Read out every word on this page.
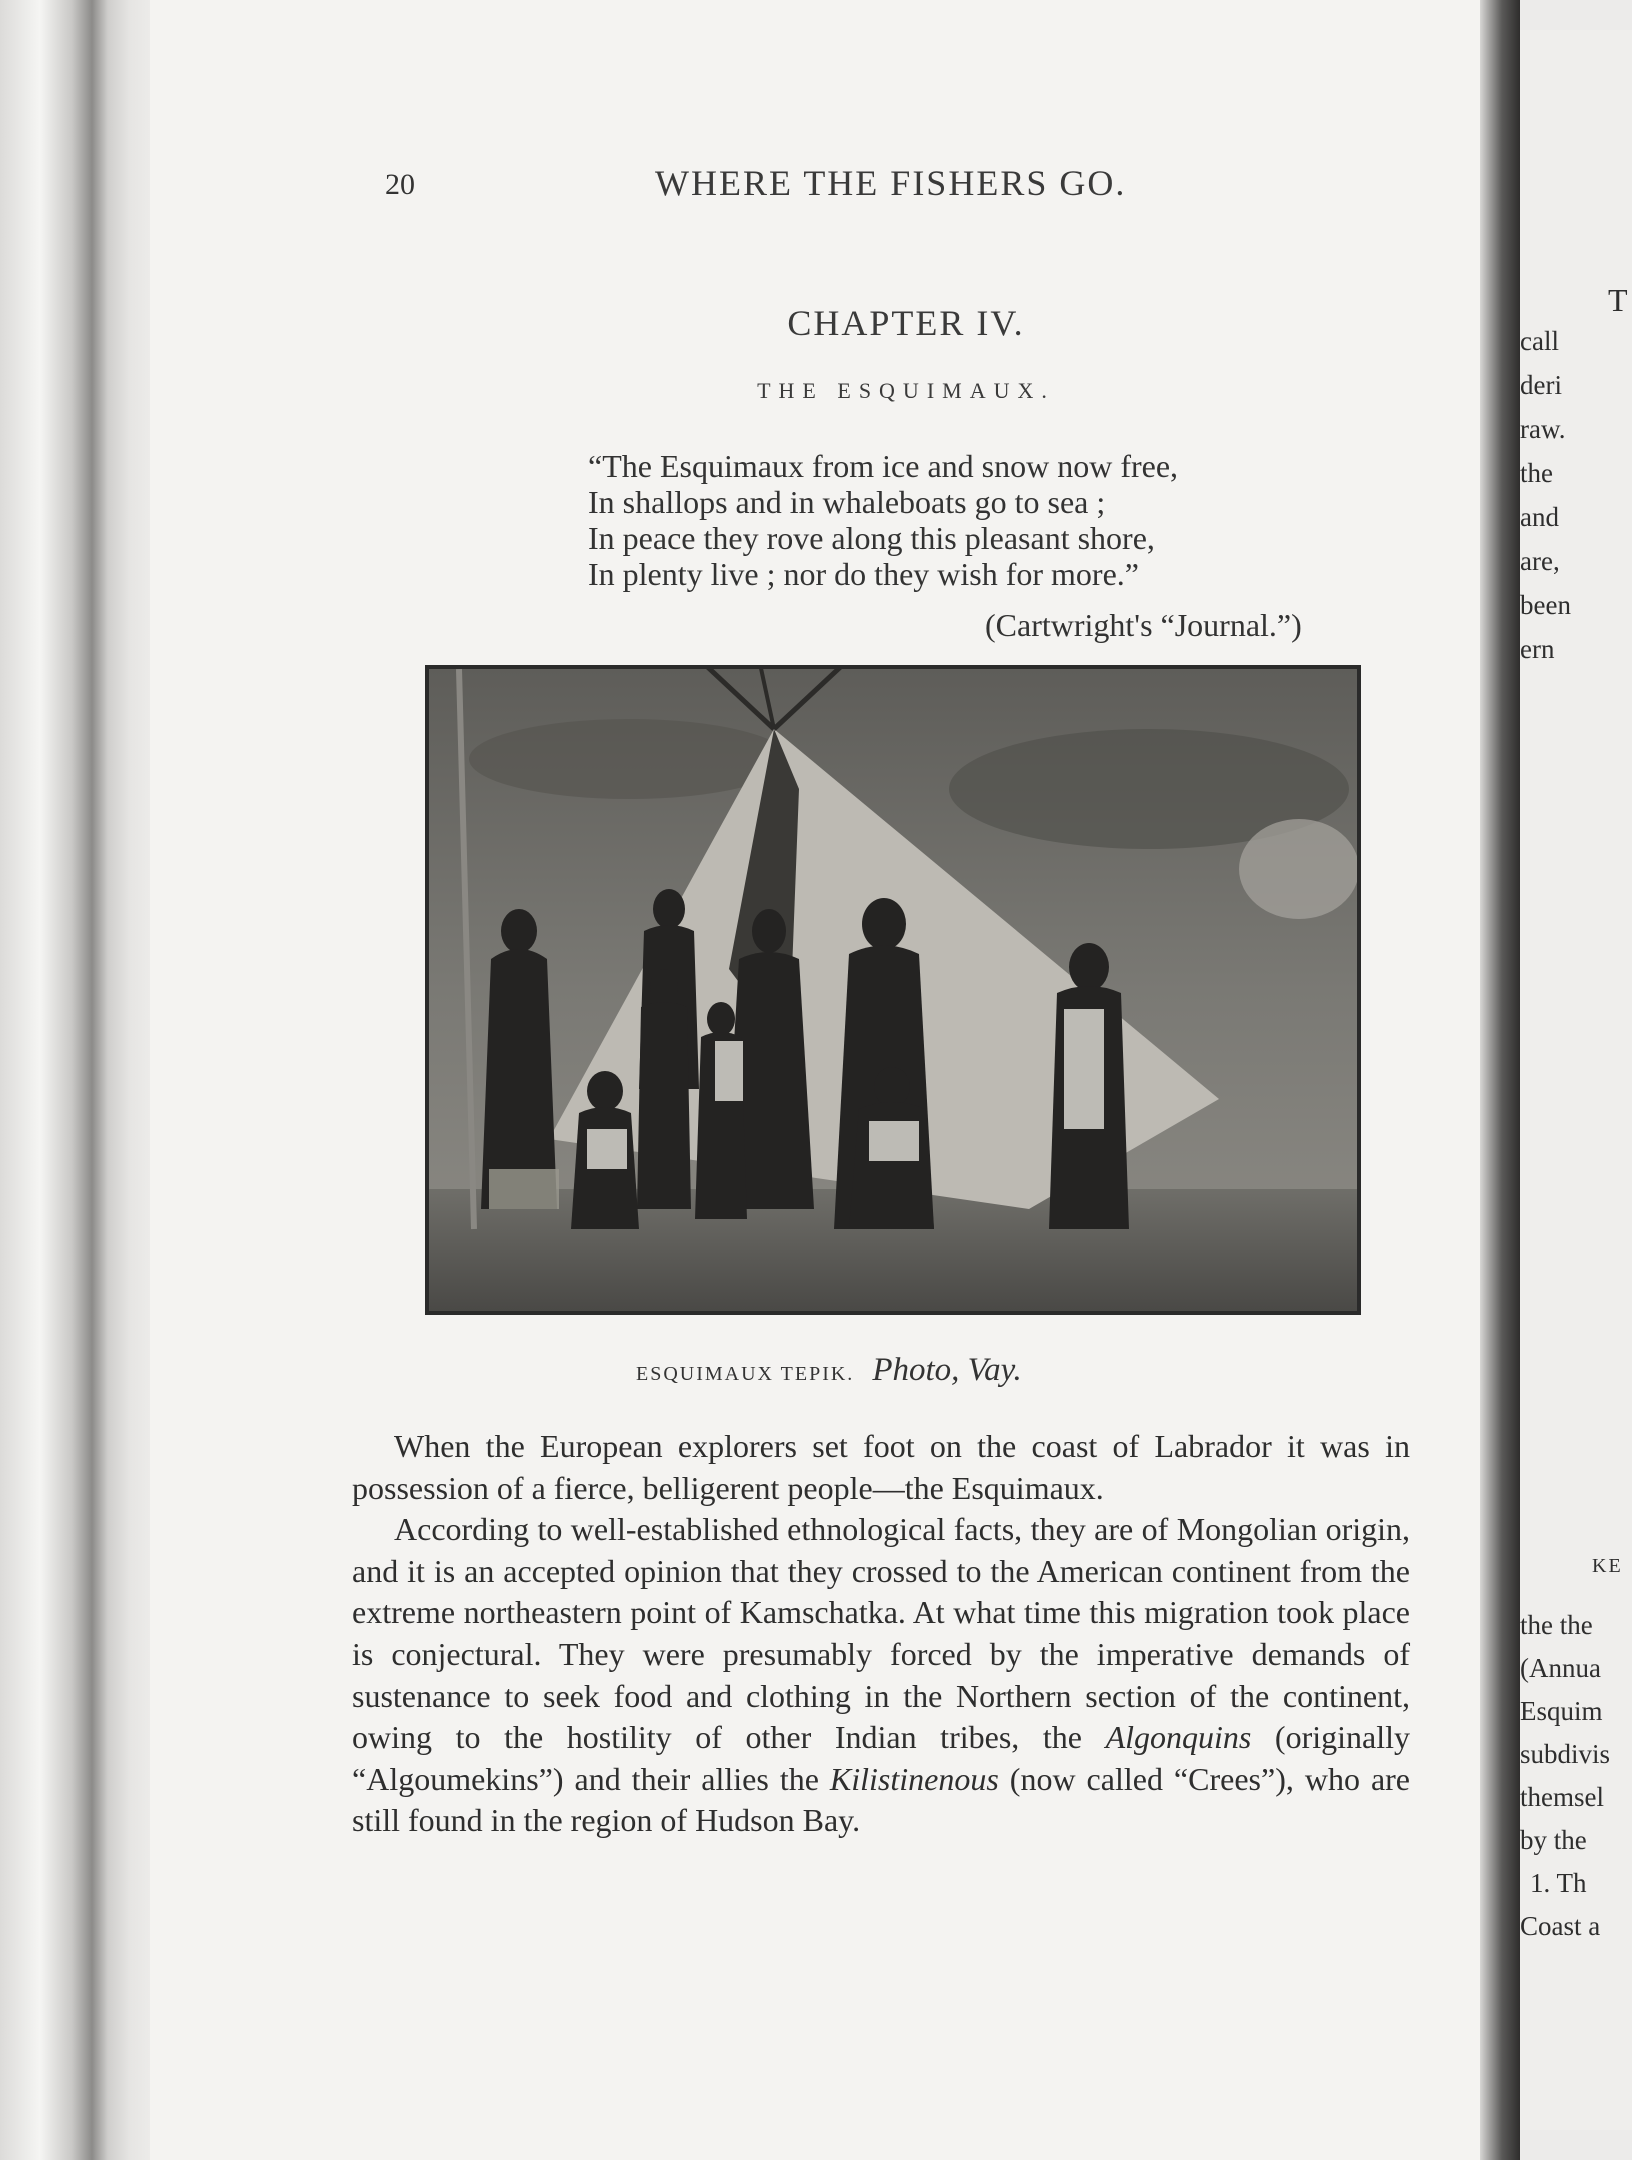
T
call
deri
raw.
the
and
are,
been
ern
KE
the the
(Annua
Esquim
subdivis
themsel
by the
1. Th
Coast a
20	WHERE THE FISHERS GO.
CHAPTER IV.
THE ESQUIMAUX.
“The Esquimaux from ice and snow now free,
In shallops and in whaleboats go to sea ;
In peace they rove along this pleasant shore,
In plenty live ; nor do they wish for more.”
(Cartwright's “Journal.”)
ESQUIMAUX TEPIK. Photo, Vay.

When the European explorers set foot on the coast of Labrador it was in possession of a fierce, belligerent people—the Esquimaux.

According to well-established ethnological facts, they are of Mongolian origin, and it is an accepted opinion that they crossed to the American continent from the extreme northeastern point of Kamschatka. At what time this migration took place is conjectural. They were presumably forced by the imperative demands of sustenance to seek food and clothing in the Northern section of the continent, owing to the hostility of other Indian tribes, the Algonquins (originally “Algoumekins”) and their allies the Kilistinenous (now called “Crees”), who are still found in the region of Hudson Bay.
